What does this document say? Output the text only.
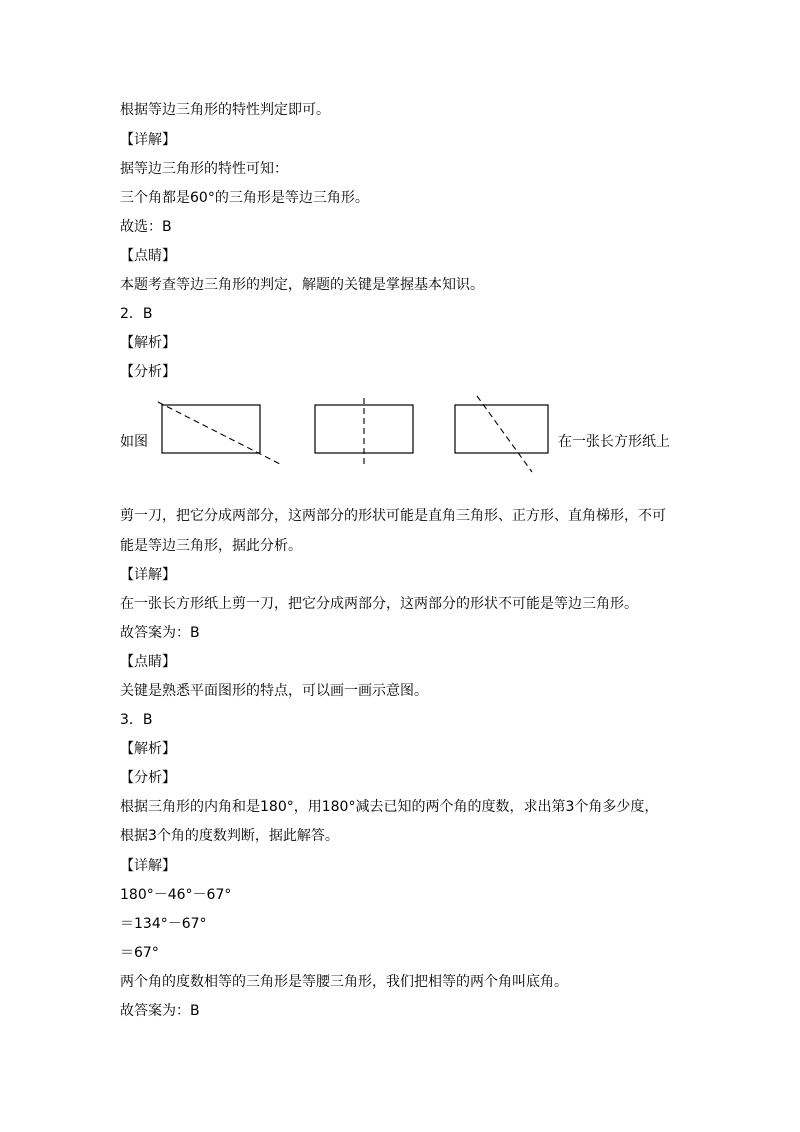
根据等边三角形的特性判定即可。
【详解】
据等边三角形的特性可知：
三个角都是60°的三角形是等边三角形。
故选：B
【点睛】
本题考查等边三角形的判定，解题的关键是掌握基本知识。
2．B
【解析】
【分析】
如图	在一张长方形纸上
剪一刀，把它分成两部分，这两部分的形状可能是直角三角形、正方形、直角梯形，不可
能是等边三角形，据此分析。
【详解】
在一张长方形纸上剪一刀，把它分成两部分，这两部分的形状不可能是等边三角形。
故答案为：B
【点睛】
关键是熟悉平面图形的特点，可以画一画示意图。
3．B
【解析】
【分析】
根据三角形的内角和是180°，用180°减去已知的两个角的度数，求出第3个角多少度，
根据3个角的度数判断，据此解答。
【详解】
180°－46°－67°
＝134°－67°
＝67°
两个角的度数相等的三角形是等腰三角形，我们把相等的两个角叫底角。
故答案为：B
